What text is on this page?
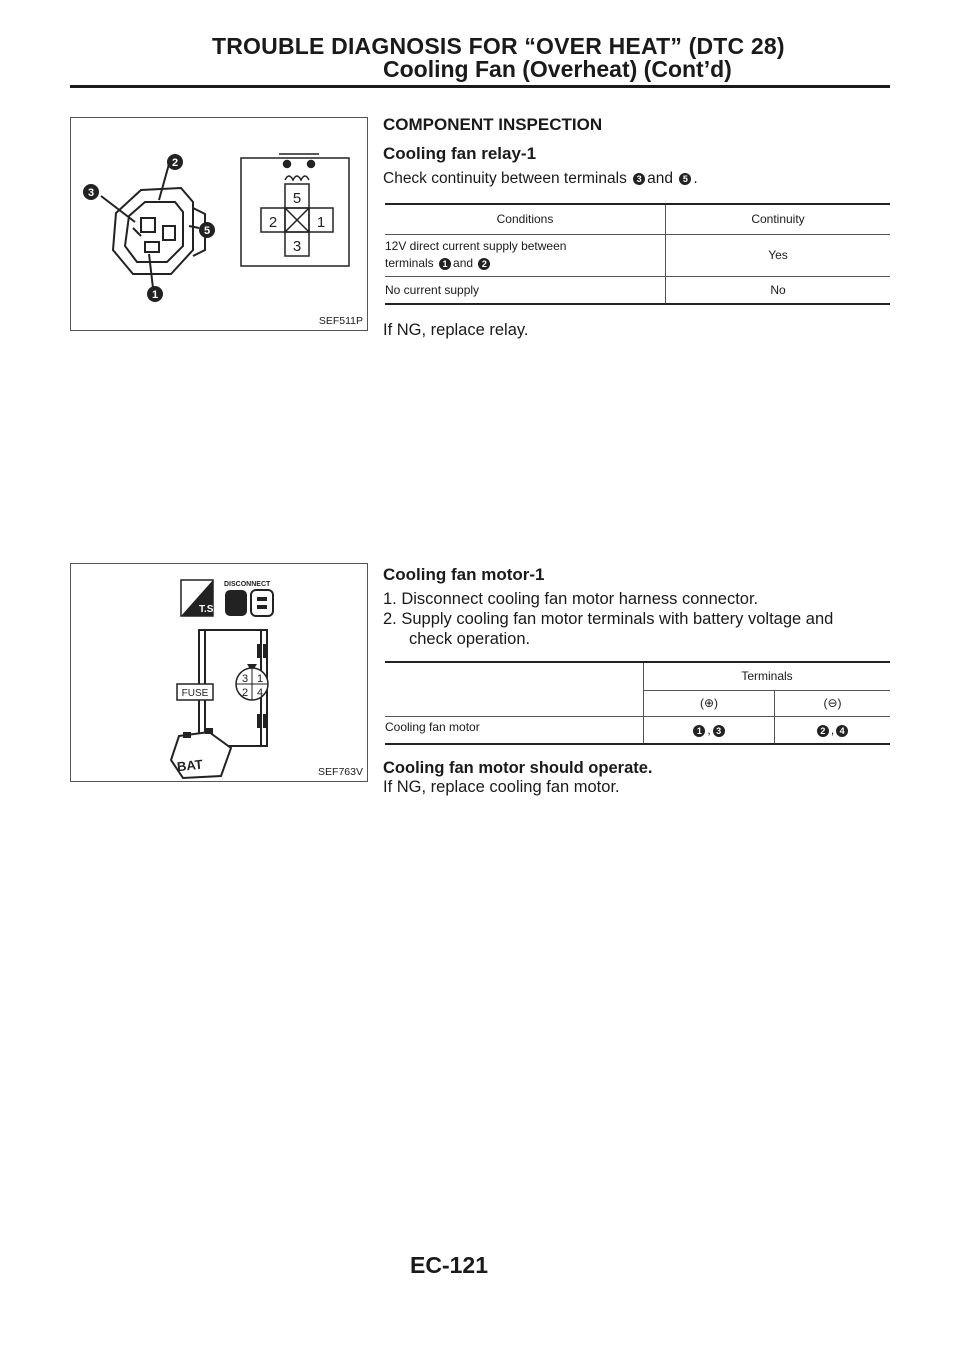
TROUBLE DIAGNOSIS FOR “OVER HEAT” (DTC 28)
Cooling Fan (Overheat) (Cont’d)
2
3
5
1
5
2	1
3
SEF511P
COMPONENT INSPECTION
Cooling fan relay-1
Check continuity between terminals 3 and 5 .
Conditions	Continuity
12V direct current supply between
terminals 1 and 2	Yes
No current supply	No
If NG, replace relay.
T.S.
DISCONNECT
3 1
2 4
FUSE
BAT	SEF763V
Cooling fan motor-1
1. Disconnect cooling fan motor harness connector.
2. Supply cooling fan motor terminals with battery voltage and
check operation.
	Terminals	
	(⊕)	(⊖)
Cooling fan motor	1 , 3	2 , 4
Cooling fan motor should operate.
If NG, replace cooling fan motor.
EC-121
